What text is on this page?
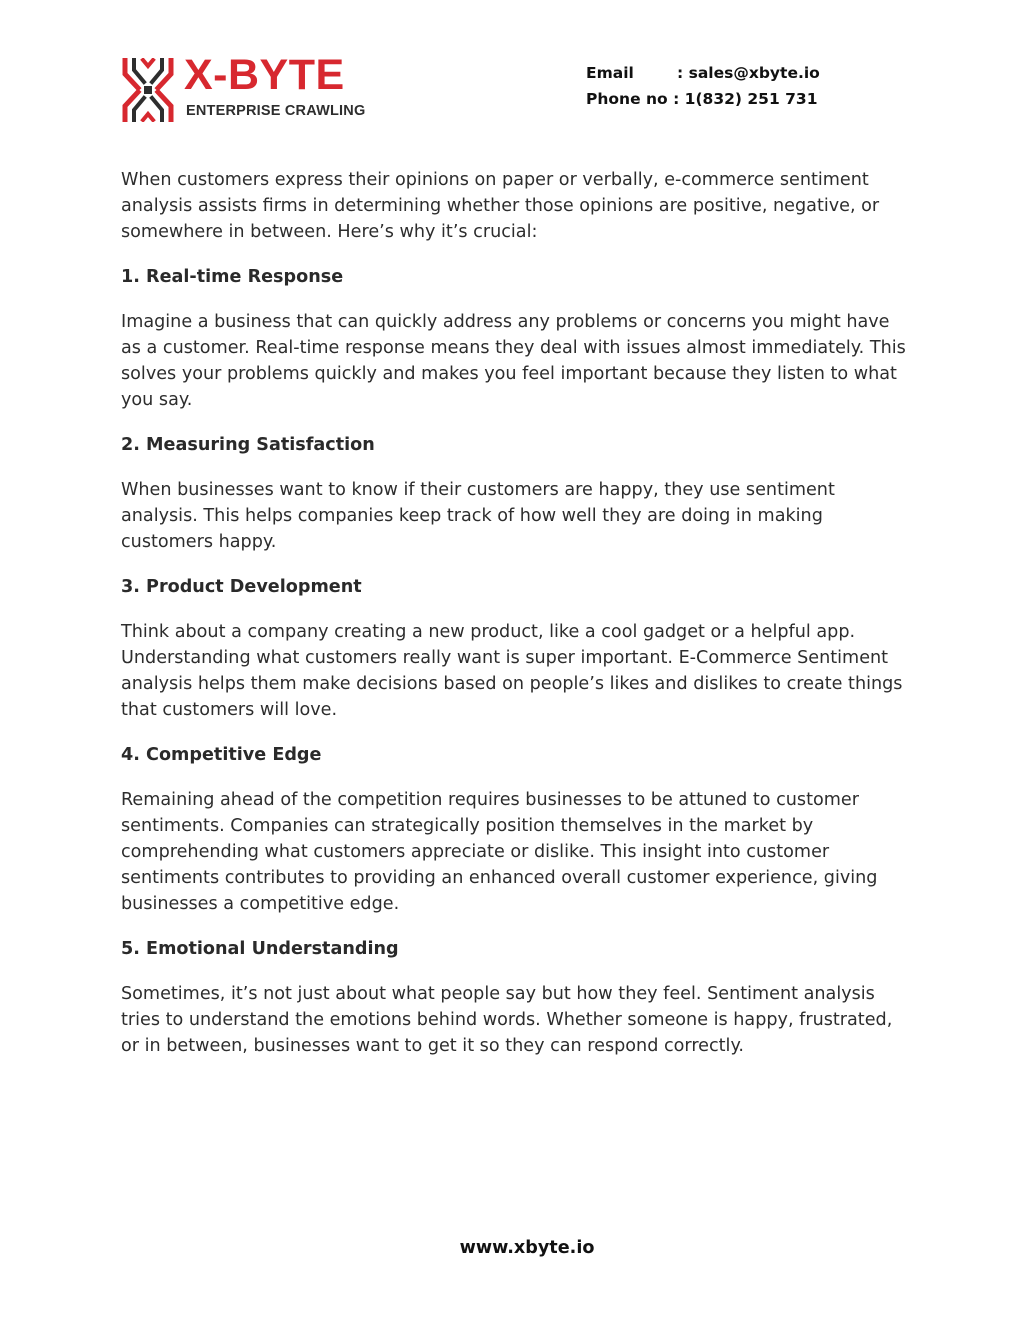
X-BYTE
ENTERPRISE CRAWLING
Email	: sales@xbyte.io
Phone no : 1(832) 251 731

When customers express their opinions on paper or verbally, e-commerce sentiment analysis assists firms in determining whether those opinions are positive, negative, or somewhere in between. Here’s why it’s crucial:

1. Real-time Response

Imagine a business that can quickly address any problems or concerns you might have as a customer. Real-time response means they deal with issues almost immediately. This solves your problems quickly and makes you feel important because they listen to what you say.

2. Measuring Satisfaction

When businesses want to know if their customers are happy, they use sentiment analysis. This helps companies keep track of how well they are doing in making customers happy.

3. Product Development

Think about a company creating a new product, like a cool gadget or a helpful app. Understanding what customers really want is super important. E-Commerce Sentiment analysis helps them make decisions based on people’s likes and dislikes to create things that customers will love.

4. Competitive Edge

Remaining ahead of the competition requires businesses to be attuned to customer sentiments. Companies can strategically position themselves in the market by comprehending what customers appreciate or dislike. This insight into customer sentiments contributes to providing an enhanced overall customer experience, giving businesses a competitive edge.

5. Emotional Understanding

Sometimes, it’s not just about what people say but how they feel. Sentiment analysis tries to understand the emotions behind words. Whether someone is happy, frustrated, or in between, businesses want to get it so they can respond correctly.

www.xbyte.io
